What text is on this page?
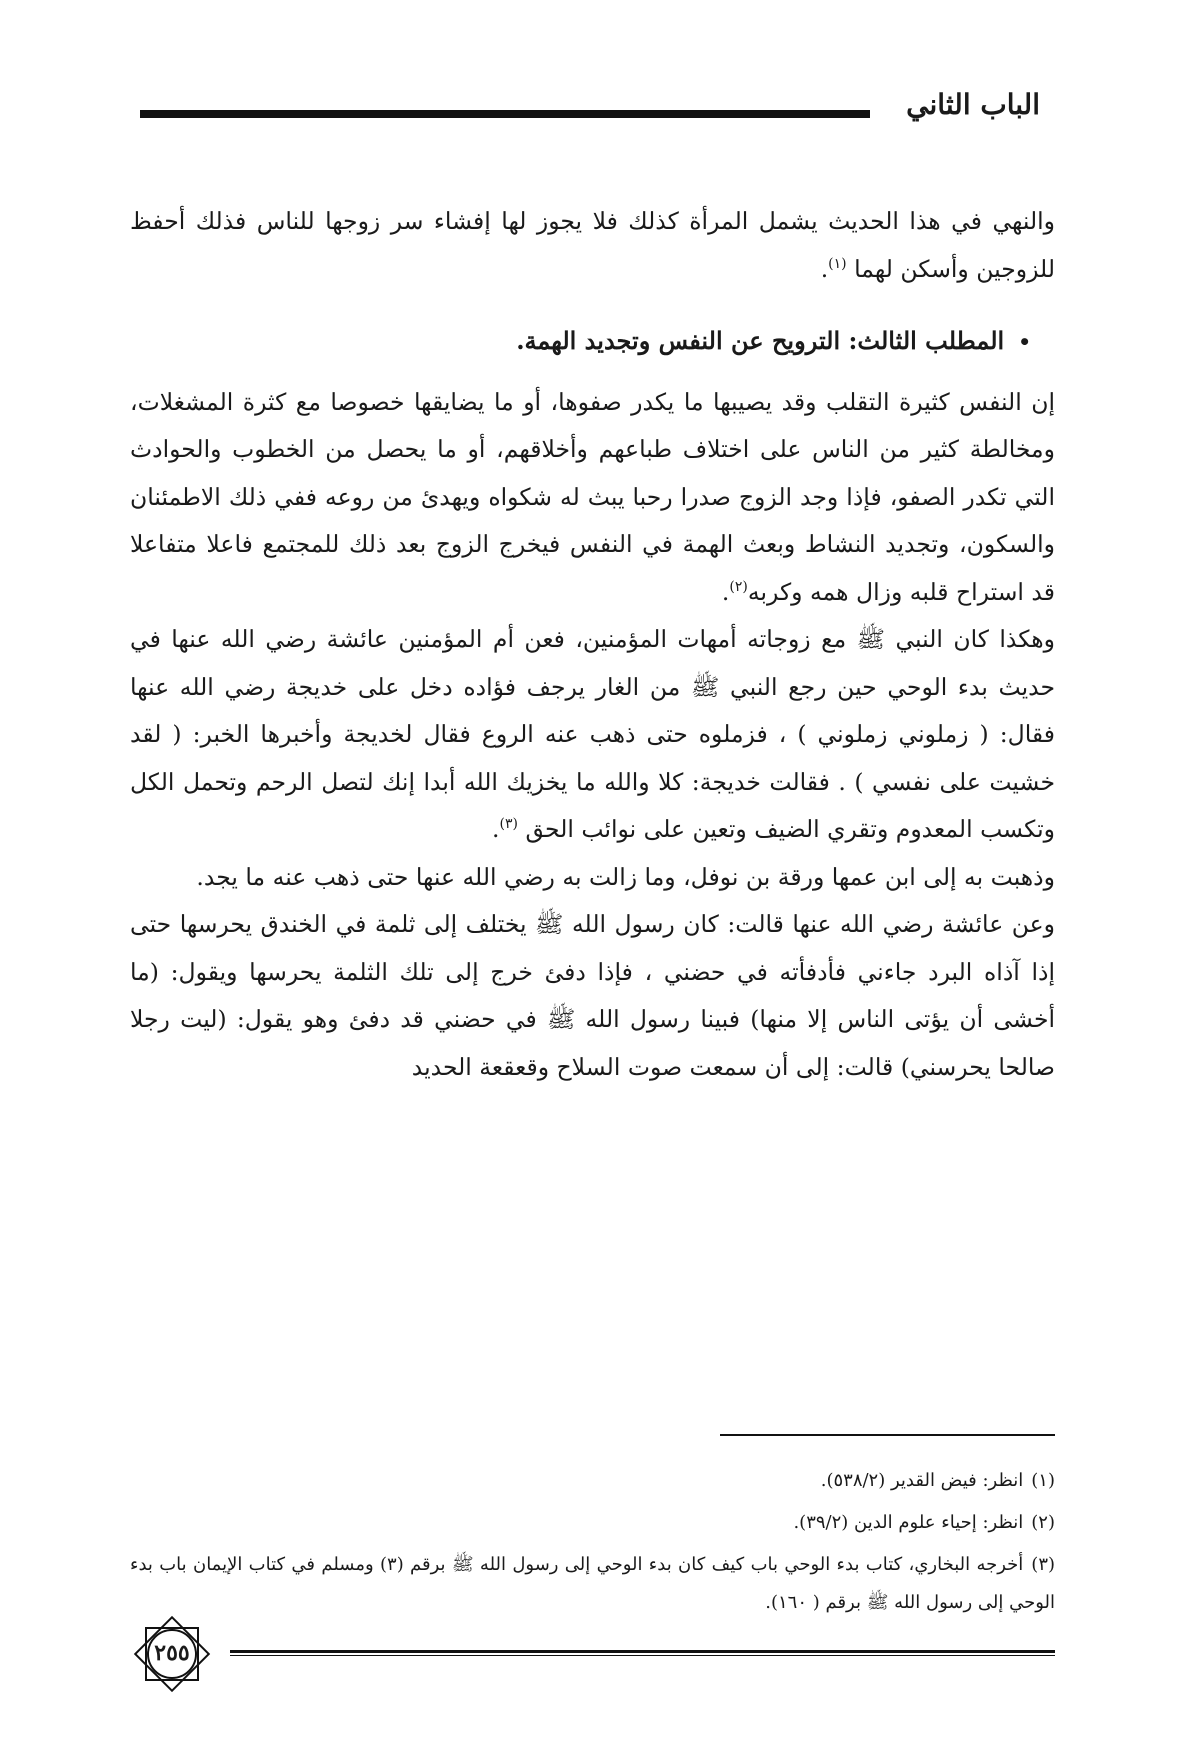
الباب الثاني

والنهي في هذا الحديث يشمل المرأة كذلك فلا يجوز لها إفشاء سر زوجها للناس فذلك أحفظ للزوجين وأسكن لهما $^{(١)}$.

•المطلب الثالث: الترويح عن النفس وتجديد الهمة.

إن النفس كثيرة التقلب وقد يصيبها ما يكدر صفوها، أو ما يضايقها خصوصا مع كثرة المشغلات، ومخالطة كثير من الناس على اختلاف طباعهم وأخلاقهم، أو ما يحصل من الخطوب والحوادث التي تكدر الصفو، فإذا وجد الزوج صدرا رحبا يبث له شكواه ويهدئ من روعه ففي ذلك الاطمئنان والسكون، وتجديد النشاط وبعث الهمة في النفس فيخرج الزوج بعد ذلك للمجتمع فاعلا متفاعلا قد استراح قلبه وزال همه وكربه$^{(٢)}$.

وهكذا كان النبي ﷺ مع زوجاته أمهات المؤمنين، فعن أم المؤمنين عائشة رضي الله عنها في حديث بدء الوحي حين رجع النبي ﷺ من الغار يرجف فؤاده دخل على خديجة رضي الله عنها فقال: ( زملوني زملوني ) ، فزملوه حتى ذهب عنه الروع فقال لخديجة وأخبرها الخبر: ( لقد خشيت على نفسي ) . فقالت خديجة: كلا والله ما يخزيك الله أبدا إنك لتصل الرحم وتحمل الكل وتكسب المعدوم وتقري الضيف وتعين على نوائب الحق $^{(٣)}$.

وذهبت به إلى ابن عمها ورقة بن نوفل، وما زالت به رضي الله عنها حتى ذهب عنه ما يجد.

وعن عائشة رضي الله عنها قالت: كان رسول الله ﷺ يختلف إلى ثلمة في الخندق يحرسها حتى إذا آذاه البرد جاءني فأدفأته في حضني ، فإذا دفئ خرج إلى تلك الثلمة يحرسها ويقول: (ما أخشى أن يؤتى الناس إلا منها) فبينا رسول الله ﷺ في حضني قد دفئ وهو يقول: (ليت رجلا صالحا يحرسني) قالت: إلى أن سمعت صوت السلاح وقعقعة الحديد

(١)انظر: فيض القدير (٥٣٨/٢).

(٢)انظر: إحياء علوم الدين (٣٩/٢).

(٣)أخرجه البخاري، كتاب بدء الوحي باب كيف كان بدء الوحي إلى رسول الله ﷺ برقم (٣) ومسلم في كتاب الإيمان باب بدء الوحي إلى رسول الله ﷺ برقم ( ١٦٠).

٢٥٥
